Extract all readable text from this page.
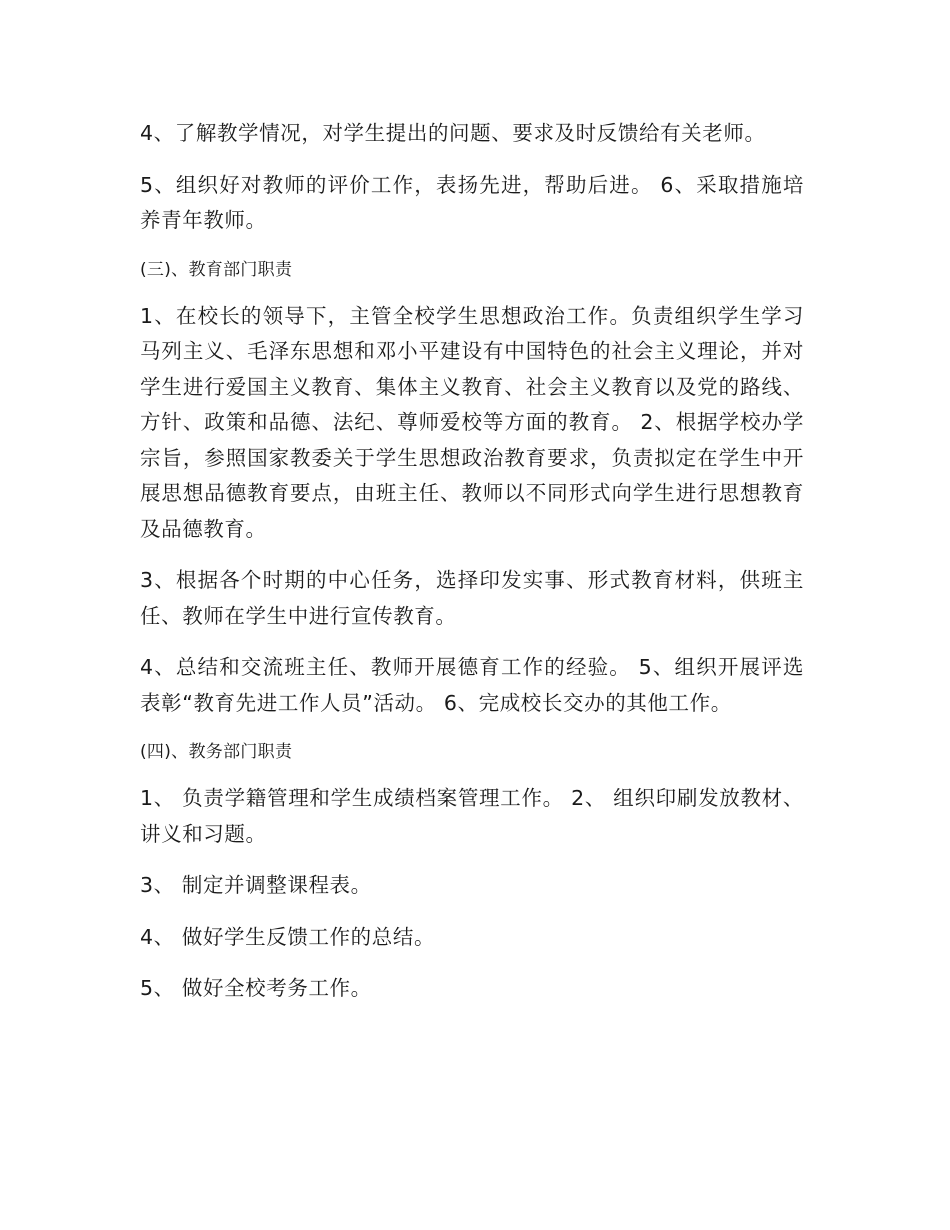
4、了解教学情况，对学生提出的问题、要求及时反馈给有关老师。

5、组织好对教师的评价工作，表扬先进，帮助后进。 6、采取措施培养青年教师。

(三)、教育部门职责

1、在校长的领导下，主管全校学生思想政治工作。负责组织学生学习马列主义、毛泽东思想和邓小平建设有中国特色的社会主义理论，并对学生进行爱国主义教育、集体主义教育、社会主义教育以及党的路线、方针、政策和品德、法纪、尊师爱校等方面的教育。 2、根据学校办学宗旨，参照国家教委关于学生思想政治教育要求，负责拟定在学生中开展思想品德教育要点，由班主任、教师以不同形式向学生进行思想教育及品德教育。

3、根据各个时期的中心任务，选择印发实事、形式教育材料，供班主任、教师在学生中进行宣传教育。

4、总结和交流班主任、教师开展德育工作的经验。 5、组织开展评选表彰“教育先进工作人员”活动。 6、完成校长交办的其他工作。

(四)、教务部门职责

1、 负责学籍管理和学生成绩档案管理工作。 2、 组织印刷发放教材、讲义和习题。

3、 制定并调整课程表。

4、 做好学生反馈工作的总结。

5、 做好全校考务工作。
